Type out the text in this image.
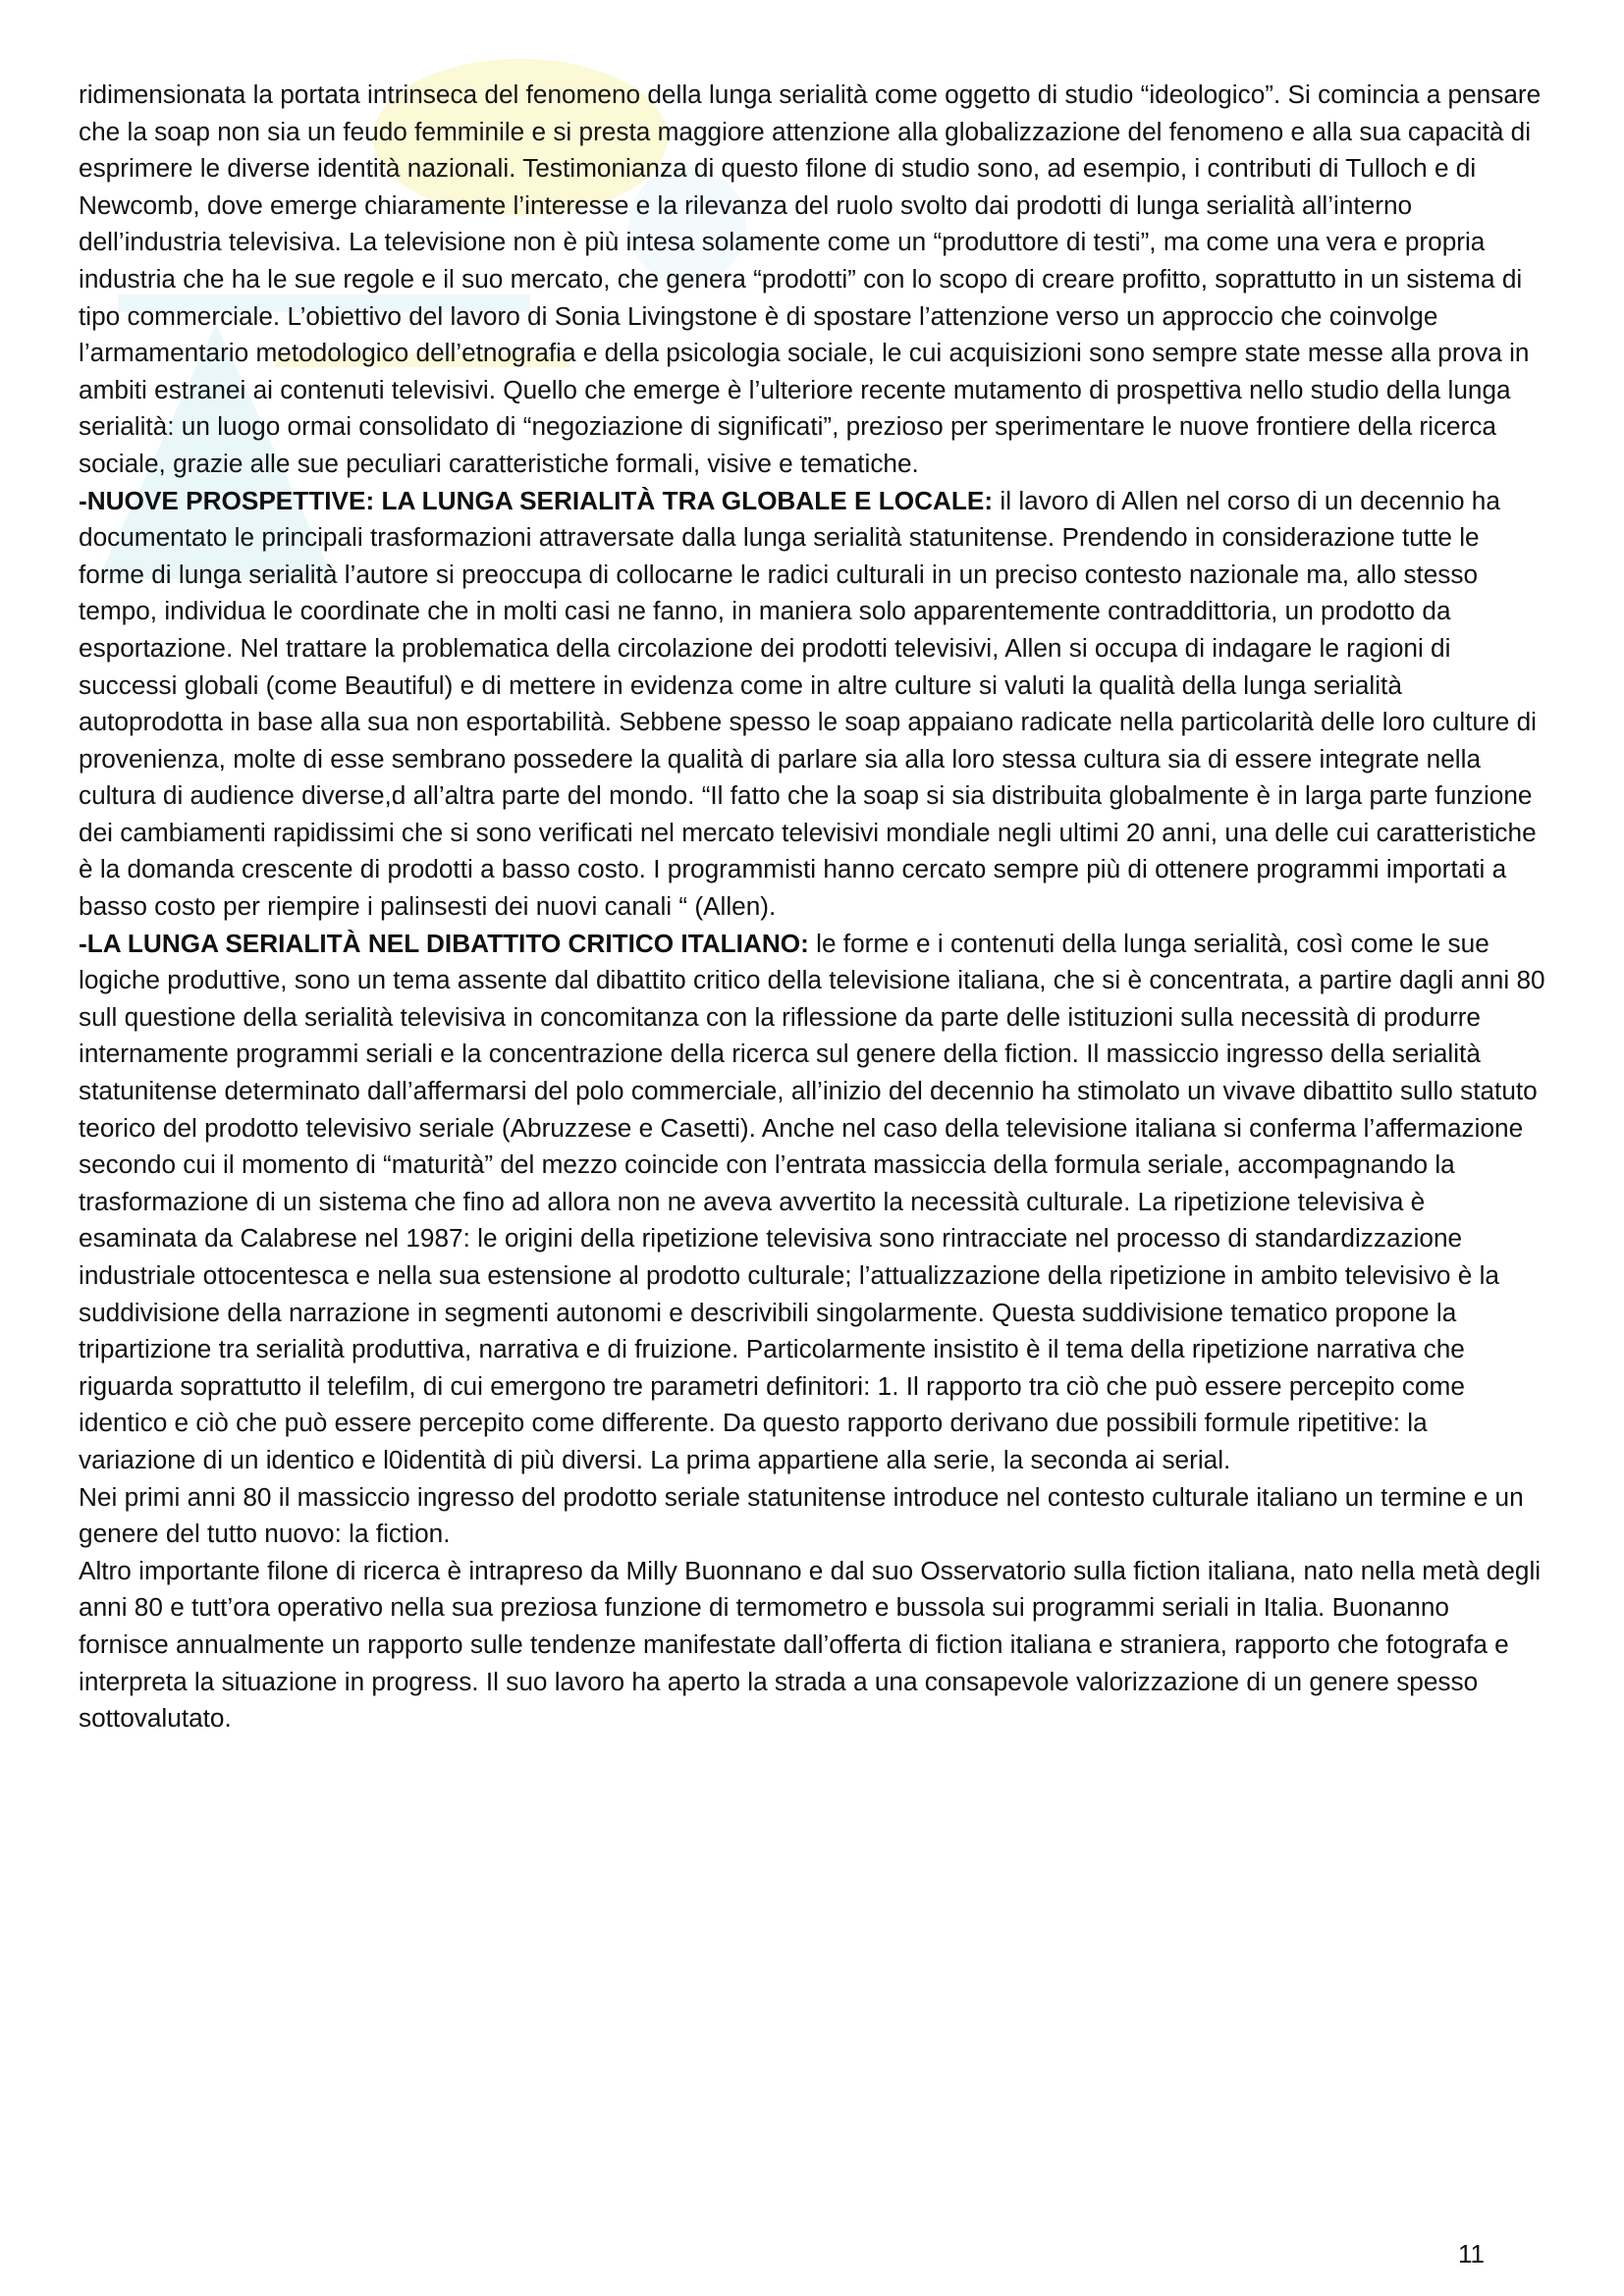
ridimensionata la portata intrinseca del fenomeno della lunga serialità come oggetto di studio “ideologico”. Si comincia a pensare che la soap non sia un feudo femminile e si presta maggiore attenzione alla globalizzazione del fenomeno e alla sua capacità di esprimere le diverse identità nazionali. Testimonianza di questo filone di studio sono, ad esempio, i contributi di Tulloch e di Newcomb, dove emerge chiaramente l’interesse e la rilevanza del ruolo svolto dai prodotti di lunga serialità all’interno dell’industria televisiva. La televisione non è più intesa solamente come un “produttore di testi”, ma come una vera e propria industria che ha le sue regole e il suo mercato, che genera “prodotti” con lo scopo di creare profitto, soprattutto in un sistema di tipo commerciale. L’obiettivo del lavoro di Sonia Livingstone è di spostare l’attenzione verso un approccio che coinvolge l’armamentario metodologico dell’etnografia e della psicologia sociale, le cui acquisizioni sono sempre state messe alla prova in ambiti estranei ai contenuti televisivi. Quello che emerge è l’ulteriore recente mutamento di prospettiva nello studio della lunga serialità: un luogo ormai consolidato di “negoziazione di significati”, prezioso per sperimentare le nuove frontiere della ricerca sociale, grazie alle sue peculiari caratteristiche formali, visive e tematiche.

-NUOVE PROSPETTIVE: LA LUNGA SERIALITÀ TRA GLOBALE E LOCALE: il lavoro di Allen nel corso di un decennio ha documentato le principali trasformazioni attraversate dalla lunga serialità statunitense. Prendendo in considerazione tutte le forme di lunga serialità l’autore si preoccupa di collocarne le radici culturali in un preciso contesto nazionale ma, allo stesso tempo, individua le coordinate che in molti casi ne fanno, in maniera solo apparentemente contraddittoria, un prodotto da esportazione. Nel trattare la problematica della circolazione dei prodotti televisivi, Allen si occupa di indagare le ragioni di successi globali (come Beautiful) e di mettere in evidenza come in altre culture si valuti la qualità della lunga serialità autoprodotta in base alla sua non esportabilità. Sebbene spesso le soap appaiano radicate nella particolarità delle loro culture di provenienza, molte di esse sembrano possedere la qualità di parlare sia alla loro stessa cultura sia di essere integrate nella cultura di audience diverse,d all’altra parte del mondo. “Il fatto che la soap si sia distribuita globalmente è in larga parte funzione dei cambiamenti rapidissimi che si sono verificati nel mercato televisivi mondiale negli ultimi 20 anni, una delle cui caratteristiche è la domanda crescente di prodotti a basso costo. I programmisti hanno cercato sempre più di ottenere programmi importati a basso costo per riempire i palinsesti dei nuovi canali “ (Allen).

-LA LUNGA SERIALITÀ NEL DIBATTITO CRITICO ITALIANO: le forme e i contenuti della lunga serialità, così come le sue logiche produttive, sono un tema assente dal dibattito critico della televisione italiana, che si è concentrata, a partire dagli anni 80 sull questione della serialità televisiva in concomitanza con la riflessione da parte delle istituzioni sulla necessità di produrre internamente programmi seriali e la concentrazione della ricerca sul genere della fiction. Il massiccio ingresso della serialità statunitense determinato dall’affermarsi del polo commerciale, all’inizio del decennio ha stimolato un vivave dibattito sullo statuto teorico del prodotto televisivo seriale (Abruzzese e Casetti). Anche nel caso della televisione italiana si conferma l’affermazione secondo cui il momento di “maturità” del mezzo coincide con l’entrata massiccia della formula seriale, accompagnando la trasformazione di un sistema che fino ad allora non ne aveva avvertito la necessità culturale. La ripetizione televisiva è esaminata da Calabrese nel 1987: le origini della ripetizione televisiva sono rintracciate nel processo di standardizzazione industriale ottocentesca e nella sua estensione al prodotto culturale; l’attualizzazione della ripetizione in ambito televisivo è la suddivisione della narrazione in segmenti autonomi e descrivibili singolarmente. Questa suddivisione tematico propone la tripartizione tra serialità produttiva, narrativa e di fruizione. Particolarmente insistito è il tema della ripetizione narrativa che riguarda soprattutto il telefilm, di cui emergono tre parametri definitori: 1. Il rapporto tra ciò che può essere percepito come identico e ciò che può essere percepito come differente. Da questo rapporto derivano due possibili formule ripetitive: la variazione di un identico e l0identità di più diversi. La prima appartiene alla serie, la seconda ai serial.

Nei primi anni 80 il massiccio ingresso del prodotto seriale statunitense introduce nel contesto culturale italiano un termine e un genere del tutto nuovo: la fiction.

Altro importante filone di ricerca è intrapreso da Milly Buonnano e dal suo Osservatorio sulla fiction italiana, nato nella metà degli anni 80 e tutt’ora operativo nella sua preziosa funzione di termometro e bussola sui programmi seriali in Italia. Buonanno fornisce annualmente un rapporto sulle tendenze manifestate dall’offerta di fiction italiana e straniera, rapporto che fotografa e interpreta la situazione in progress. Il suo lavoro ha aperto la strada a una consapevole valorizzazione di un genere spesso sottovalutato.

11
